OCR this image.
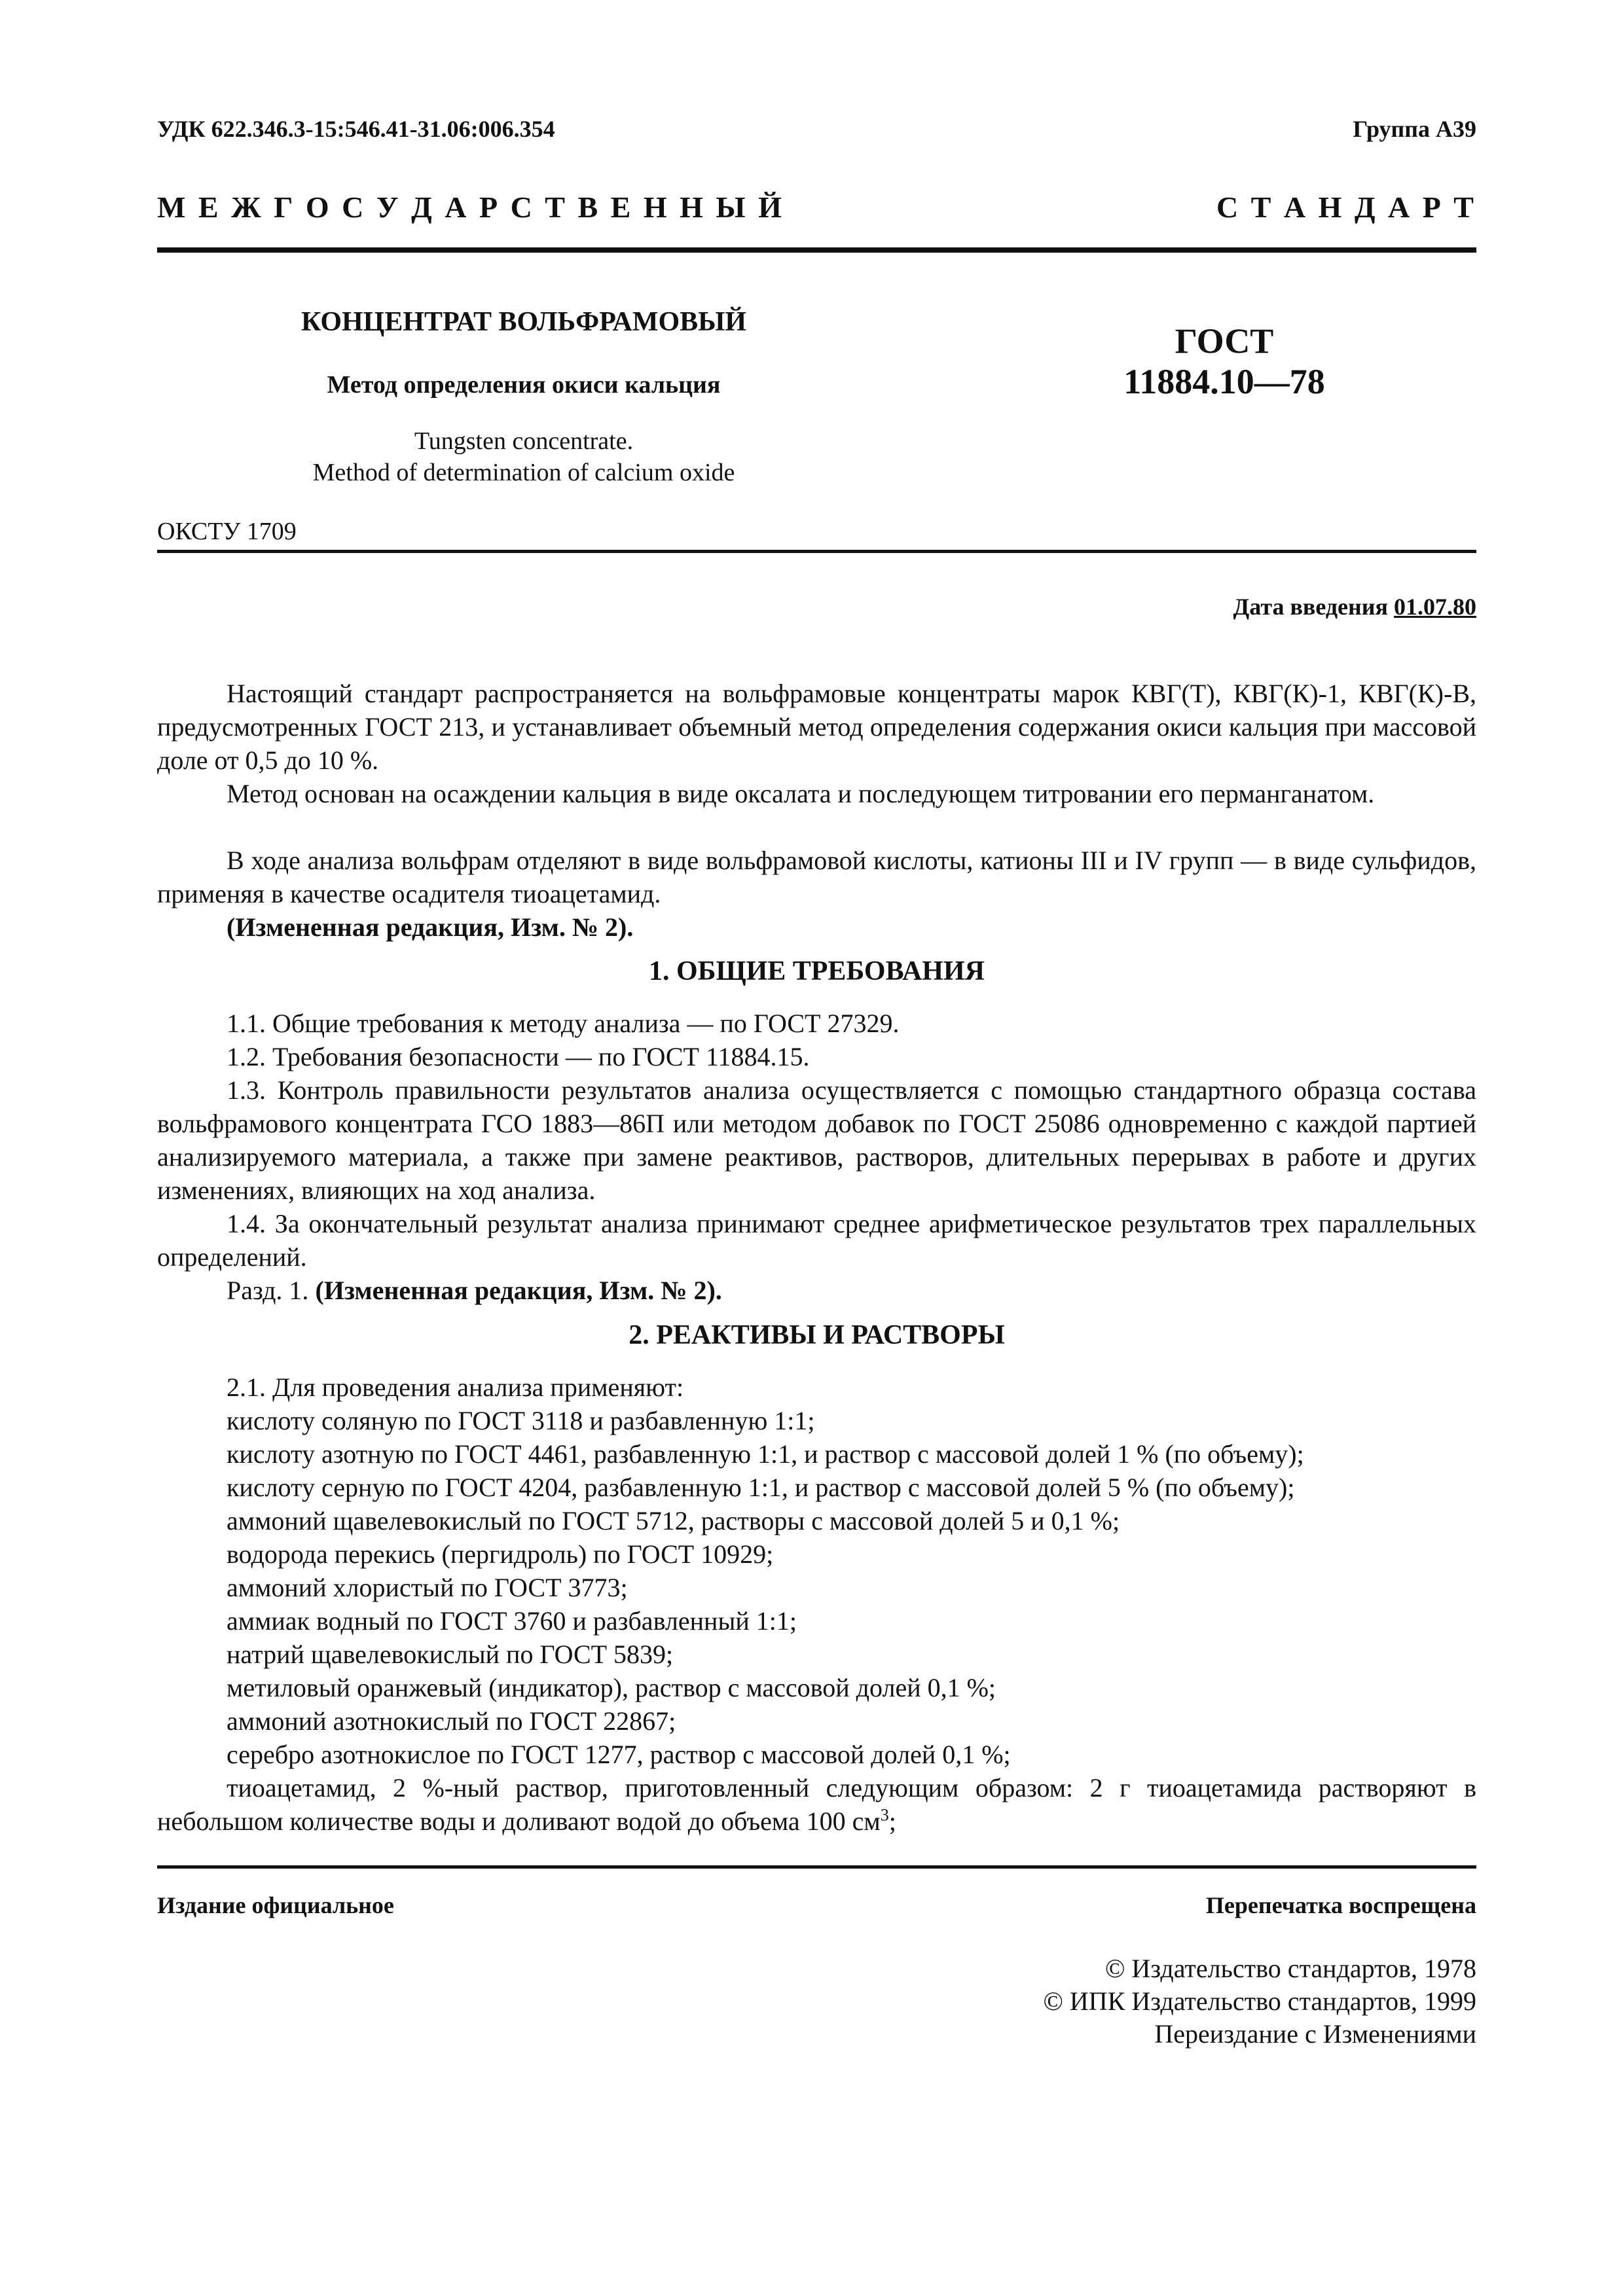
УДК 622.346.3-15:546.41-31.06:006.354	Группа А39
М Е Ж Г О С У Д А Р С Т В Е Н Н Ы Й	С Т А Н Д А Р Т
КОНЦЕНТРАТ ВОЛЬФРАМОВЫЙ
Метод определения окиси кальция
Tungsten concentrate.
Method of determination of calcium oxide
ГОСТ
11884.10—78
ОКСТУ 1709
Дата введения 01.07.80
Настоящий стандарт распространяется на вольфрамовые концентраты марок КВГ(Т), КВГ(К)-1, КВГ(К)-В, предусмотренных ГОСТ 213, и устанавливает объемный метод определения содержания окиси кальция при массовой доле от 0,5 до 10 %.
Метод основан на осаждении кальция в виде оксалата и последующем титровании его перманганатом.
В ходе анализа вольфрам отделяют в виде вольфрамовой кислоты, катионы III и IV групп — в виде сульфидов, применяя в качестве осадителя тиоацетамид.
(Измененная редакция, Изм. № 2).
1. ОБЩИЕ ТРЕБОВАНИЯ
1.1. Общие требования к методу анализа — по ГОСТ 27329.
1.2. Требования безопасности — по ГОСТ 11884.15.
1.3. Контроль правильности результатов анализа осуществляется с помощью стандартного образца состава вольфрамового концентрата ГСО 1883—86П или методом добавок по ГОСТ 25086 одновременно с каждой партией анализируемого материала, а также при замене реактивов, растворов, длительных перерывах в работе и других изменениях, влияющих на ход анализа.
1.4. За окончательный результат анализа принимают среднее арифметическое результатов трех параллельных определений.
Разд. 1. (Измененная редакция, Изм. № 2).
2. РЕАКТИВЫ И РАСТВОРЫ
2.1. Для проведения анализа применяют:
кислоту соляную по ГОСТ 3118 и разбавленную 1:1;
кислоту азотную по ГОСТ 4461, разбавленную 1:1, и раствор с массовой долей 1 % (по объему);
кислоту серную по ГОСТ 4204, разбавленную 1:1, и раствор с массовой долей 5 % (по объему);
аммоний щавелевокислый по ГОСТ 5712, растворы с массовой долей 5 и 0,1 %;
водорода перекись (пергидроль) по ГОСТ 10929;
аммоний хлористый по ГОСТ 3773;
аммиак водный по ГОСТ 3760 и разбавленный 1:1;
натрий щавелевокислый по ГОСТ 5839;
метиловый оранжевый (индикатор), раствор с массовой долей 0,1 %;
аммоний азотнокислый по ГОСТ 22867;
серебро азотнокислое по ГОСТ 1277, раствор с массовой долей 0,1 %;
тиоацетамид, 2 %-ный раствор, приготовленный следующим образом: 2 г тиоацетамида растворяют в небольшом количестве воды и доливают водой до объема 100 $см^3$;
Издание официальное	Перепечатка воспрещена
© Издательство стандартов, 1978
© ИПК Издательство стандартов, 1999
Переиздание с Изменениями
